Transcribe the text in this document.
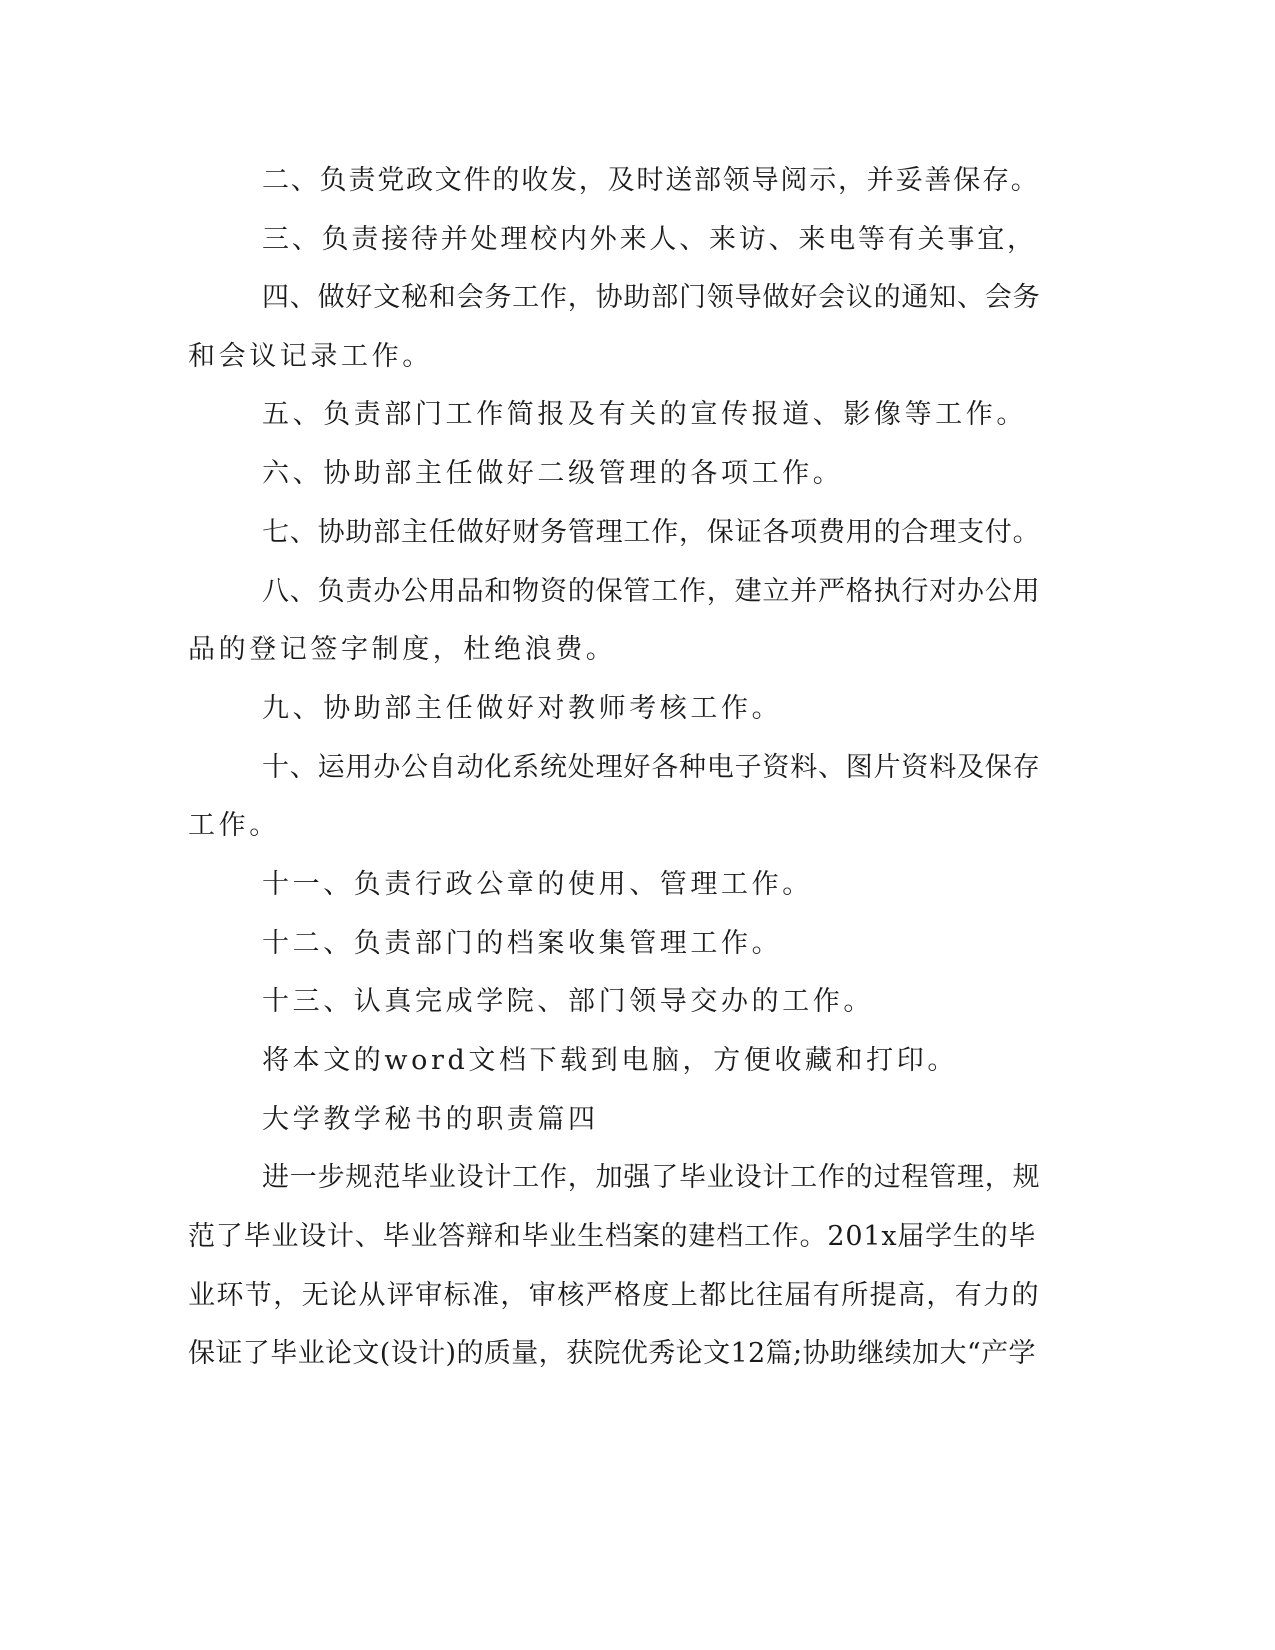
二、负责党政文件的收发，及时送部领导阅示，并妥善保存。
三、负责接待并处理校内外来人、来访、来电等有关事宜，
四、做好文秘和会务工作，协助部门领导做好会议的通知、会务
和会议记录工作。
五、负责部门工作简报及有关的宣传报道、影像等工作。
六、协助部主任做好二级管理的各项工作。
七、协助部主任做好财务管理工作，保证各项费用的合理支付。
八、负责办公用品和物资的保管工作，建立并严格执行对办公用
品的登记签字制度，杜绝浪费。
九、协助部主任做好对教师考核工作。
十、运用办公自动化系统处理好各种电子资料、图片资料及保存
工作。
十一、负责行政公章的使用、管理工作。
十二、负责部门的档案收集管理工作。
十三、认真完成学院、部门领导交办的工作。
将本文的word文档下载到电脑，方便收藏和打印。
大学教学秘书的职责篇四
进一步规范毕业设计工作，加强了毕业设计工作的过程管理，规
范了毕业设计、毕业答辩和毕业生档案的建档工作。201x届学生的毕
业环节，无论从评审标准，审核严格度上都比往届有所提高，有力的
保证了毕业论文(设计)的质量，获院优秀论文12篇;协助继续加大“产学
